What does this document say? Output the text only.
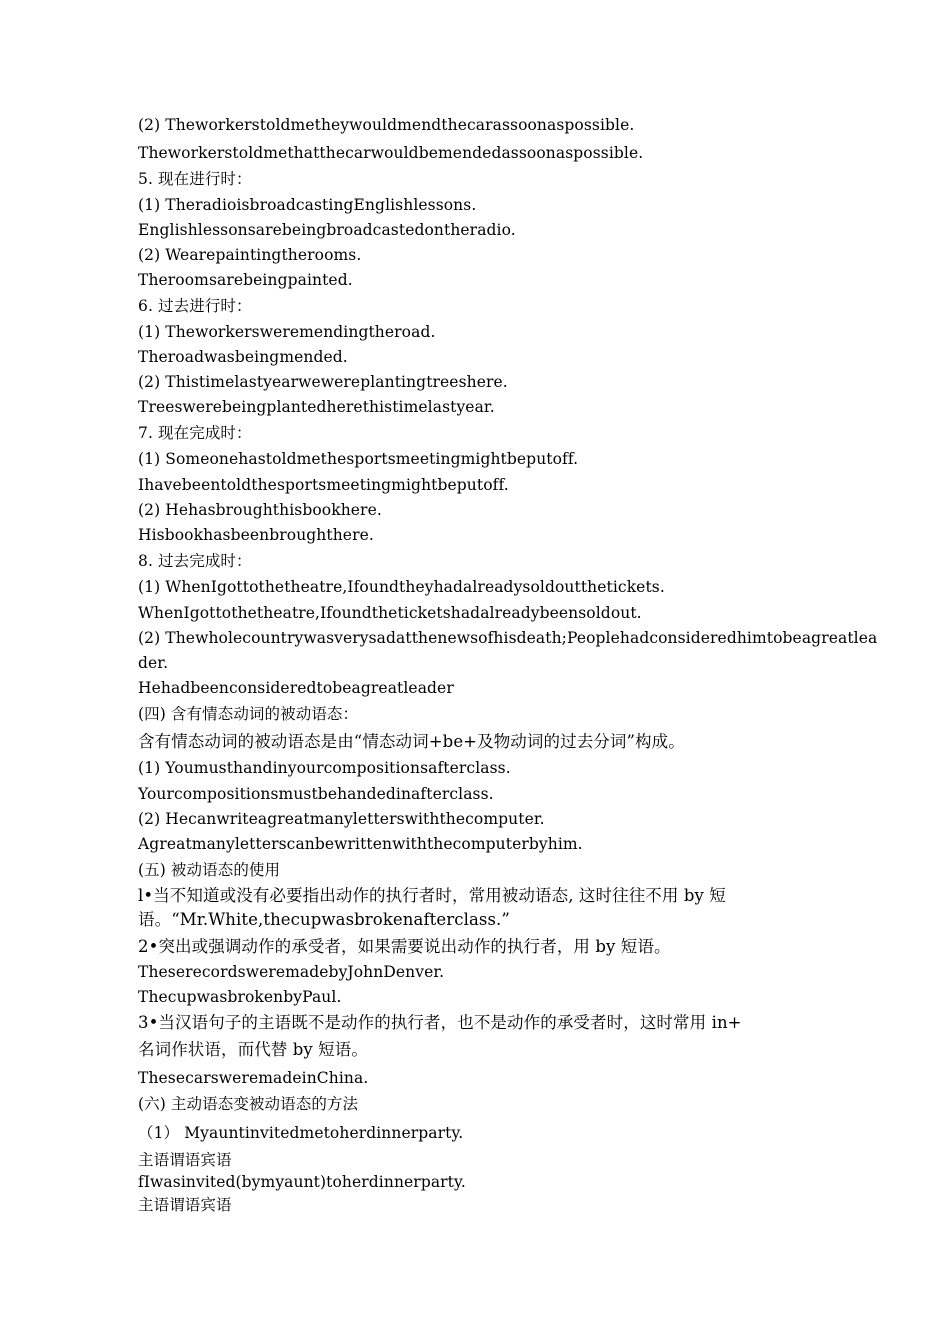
(2) Theworkerstoldmetheywouldmendthecarassoonaspossible.
Theworkerstoldmethatthecarwouldbemendedassoonaspossible.
5. 现在进行时：
(1) TheradioisbroadcastingEnglishlessons.
Englishlessonsarebeingbroadcastedontheradio.
(2) Wearepaintingtherooms.
Theroomsarebeingpainted.
6. 过去进行时：
(1) Theworkersweremendingtheroad.
Theroadwasbeingmended.
(2) Thistimelastyearwewereplantingtreeshere.
Treeswerebeingplantedherethistimelastyear.
7. 现在完成时：
(1) Someonehastoldmethesportsmeetingmightbeputoff.
Ihavebeentoldthesportsmeetingmightbeputoff.
(2) Hehasbroughthisbookhere.
Hisbookhasbeenbroughthere.
8. 过去完成时：
(1) WhenIgottothetheatre,Ifoundtheyhadalreadysoldoutthetickets.
WhenIgottothetheatre,Ifoundtheticketshadalreadybeensoldout.
(2) Thewholecountrywasverysadatthenewsofhisdeath;Peoplehadconsideredhimtobeagreatlea
der.
Hehadbeenconsideredtobeagreatleader
(四) 含有情态动词的被动语态：
含有情态动词的被动语态是由“情态动词+be+及物动词的过去分词”构成。
(1) Youmusthandinyourcompositionsafterclass.
Yourcompositionsmustbehandedinafterclass.
(2) Hecanwriteagreatmanyletterswiththecomputer.
Agreatmanyletterscanbewrittenwiththecomputerbyhim.
(五) 被动语态的使用
l•当不知道或没有必要指出动作的执行者时，常用被动语态, 这时往往不用 by 短
语。“Mr.White,thecupwasbrokenafterclass.”
2•突出或强调动作的承受者，如果需要说出动作的执行者，用 by 短语。
TheserecordsweremadebyJohnDenver.
ThecupwasbrokenbyPaul.
3•当汉语句子的主语既不是动作的执行者，也不是动作的承受者时，这时常用 in+
名词作状语，而代替 by 短语。
ThesecarsweremadeinChina.
(六) 主动语态变被动语态的方法
（1） Myauntinvitedmetoherdinnerparty.
主语谓语宾语
fIwasinvited(bymyaunt)toherdinnerparty.
主语谓语宾语
